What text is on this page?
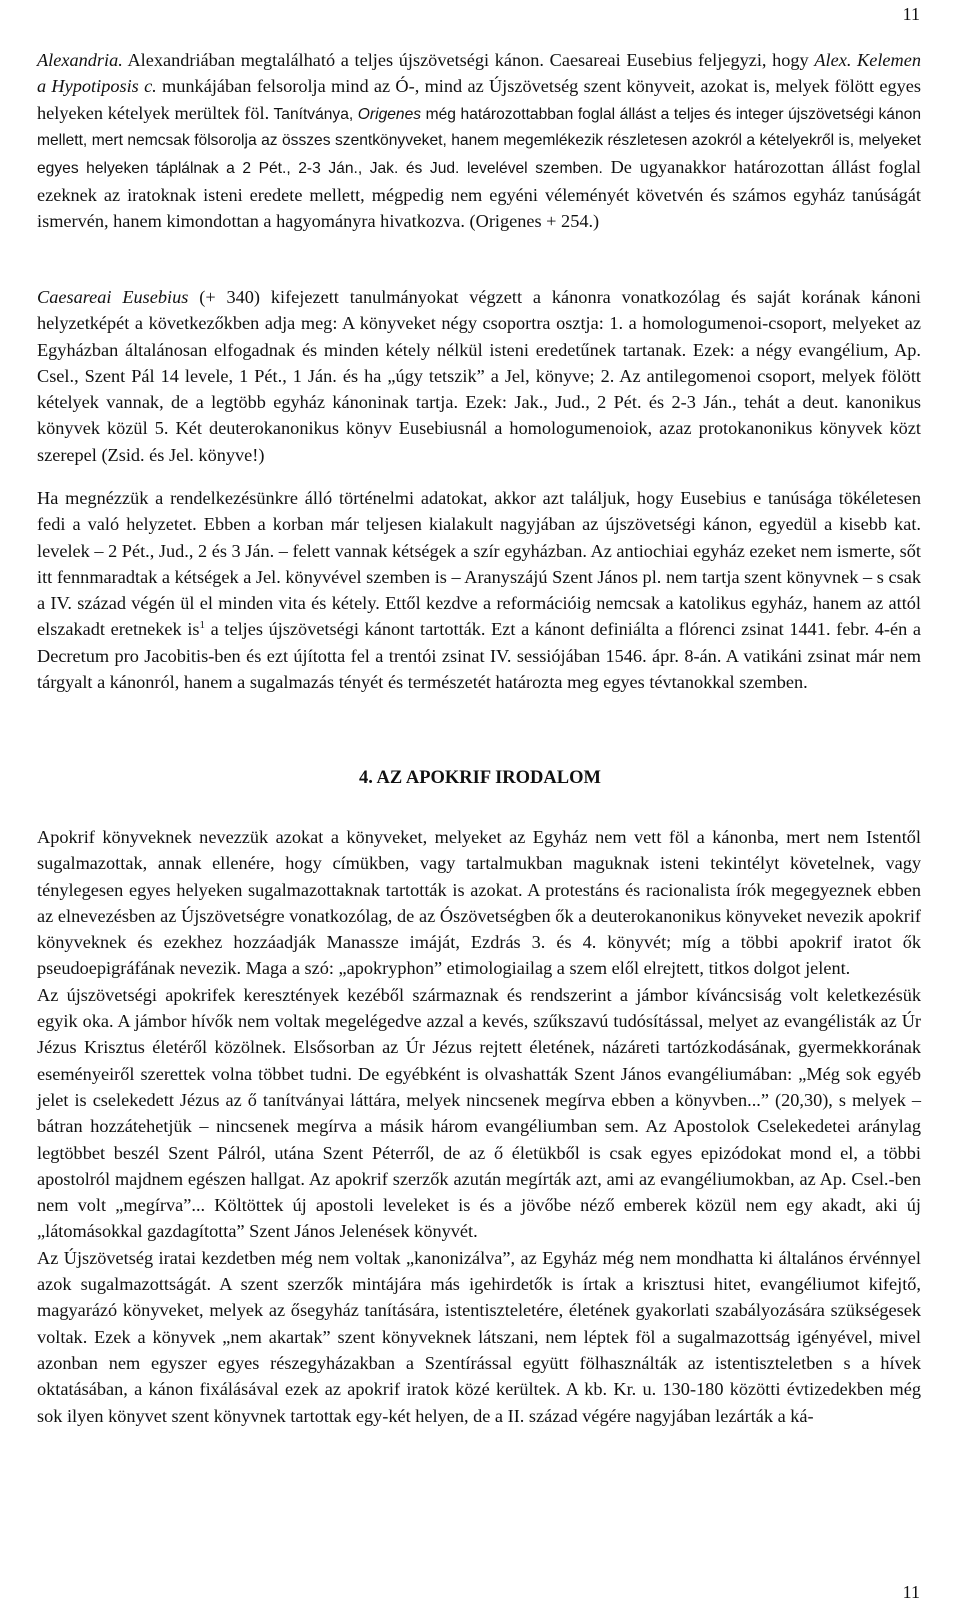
11

Alexandria. Alexandriában megtalálható a teljes újszövetségi kánon. Caesareai Eusebius feljegyzi, hogy Alex. Kelemen a Hypotiposis c. munkájában felsorolja mind az Ó-, mind az Újszövetség szent könyveit, azokat is, melyek fölött egyes helyeken kételyek merültek föl. Tanítványa, Origenes még határozottabban foglal állást a teljes és integer újszövetségi kánon mellett, mert nemcsak fölsorolja az összes szentkönyveket, hanem megemlékezik részletesen azokról a kételyekről is, melyeket egyes helyeken táplálnak a 2 Pét., 2-3 Ján., Jak. és Jud. levelével szemben. De ugyanakkor határozottan állást foglal ezeknek az iratoknak isteni eredete mellett, mégpedig nem egyéni véleményét követvén és számos egyház tanúságát ismervén, hanem kimondottan a hagyományra hivatkozva. (Origenes + 254.)

Caesareai Eusebius (+ 340) kifejezett tanulmányokat végzett a kánonra vonatkozólag és saját korának kánoni helyzetképét a következőkben adja meg: A könyveket négy csoportra osztja: 1. a homologumenoi-csoport, melyeket az Egyházban általánosan elfogadnak és minden kétely nélkül isteni eredetűnek tartanak. Ezek: a négy evangélium, Ap. Csel., Szent Pál 14 levele, 1 Pét., 1 Ján. és ha „úgy tetszik” a Jel, könyve; 2. Az antilegomenoi csoport, melyek fölött kételyek vannak, de a legtöbb egyház kánoninak tartja. Ezek: Jak., Jud., 2 Pét. és 2-3 Ján., tehát a deut. kanonikus könyvek közül 5. Két deuterokanonikus könyv Eusebiusnál a homologumenoiok, azaz protokanonikus könyvek közt szerepel (Zsid. és Jel. könyve!)

Ha megnézzük a rendelkezésünkre álló történelmi adatokat, akkor azt találjuk, hogy Eusebius e tanúsága tökéletesen fedi a való helyzetet. Ebben a korban már teljesen kialakult nagyjában az újszövetségi kánon, egyedül a kisebb kat. levelek – 2 Pét., Jud., 2 és 3 Ján. – felett vannak kétségek a szír egyházban. Az antiochiai egyház ezeket nem ismerte, sőt itt fennmaradtak a kétségek a Jel. könyvével szemben is – Aranyszájú Szent János pl. nem tartja szent könyvnek – s csak a IV. század végén ül el minden vita és kétely. Ettől kezdve a reformációig nemcsak a katolikus egyház, hanem az attól elszakadt eretnekek $is^1$ a teljes újszövetségi kánont tartották. Ezt a kánont definiálta a flórenci zsinat 1441. febr. 4-én a Decretum pro Jacobitis-ben és ezt újította fel a trentói zsinat IV. sessiójában 1546. ápr. 8-án. A vatikáni zsinat már nem tárgyalt a kánonról, hanem a sugalmazás tényét és természetét határozta meg egyes tévtanokkal szemben.

4. AZ APOKRIF IRODALOM

Apokrif könyveknek nevezzük azokat a könyveket, melyeket az Egyház nem vett föl a kánonba, mert nem Istentől sugalmazottak, annak ellenére, hogy címükben, vagy tartalmukban maguknak isteni tekintélyt követelnek, vagy ténylegesen egyes helyeken sugalmazottaknak tartották is azokat. A protestáns és racionalista írók megegyeznek ebben az elnevezésben az Újszövetségre vonatkozólag, de az Ószövetségben ők a deuterokanonikus könyveket nevezik apokrif könyveknek és ezekhez hozzáadják Manassze imáját, Ezdrás 3. és 4. könyvét; míg a többi apokrif iratot ők pseudoepigráfának nevezik. Maga a szó: „apokryphon” etimologiailag a szem elől elrejtett, titkos dolgot jelent.

Az újszövetségi apokrifek keresztények kezéből származnak és rendszerint a jámbor kíváncsiság volt keletkezésük egyik oka. A jámbor hívők nem voltak megelégedve azzal a kevés, szűkszavú tudósítással, melyet az evangélisták az Úr Jézus Krisztus életéről közölnek. Elsősorban az Úr Jézus rejtett életének, názáreti tartózkodásának, gyermekkorának eseményeiről szerettek volna többet tudni. De egyébként is olvashatták Szent János evangéliumában: „Még sok egyéb jelet is cselekedett Jézus az ő tanítványai láttára, melyek nincsenek megírva ebben a könyvben...” (20,30), s melyek – bátran hozzátehetjük – nincsenek megírva a másik három evangéliumban sem. Az Apostolok Cselekedetei aránylag legtöbbet beszél Szent Pálról, utána Szent Péterről, de az ő életükből is csak egyes epizódokat mond el, a többi apostolról majdnem egészen hallgat. Az apokrif szerzők azután megírták azt, ami az evangéliumokban, az Ap. Csel.-ben nem volt „megírva”... Költöttek új apostoli leveleket is és a jövőbe néző emberek közül nem egy akadt, aki új „látomásokkal gazdagította” Szent János Jelenések könyvét.

Az Újszövetség iratai kezdetben még nem voltak „kanonizálva”, az Egyház még nem mondhatta ki általános érvénnyel azok sugalmazottságát. A szent szerzők mintájára más igehirdetők is írtak a krisztusi hitet, evangéliumot kifejtő, magyarázó könyveket, melyek az ősegyház tanítására, istentiszteletére, életének gyakorlati szabályozására szükségesek voltak. Ezek a könyvek „nem akartak” szent könyveknek látszani, nem léptek föl a sugalmazottság igényével, mivel azonban nem egyszer egyes részegyházakban a Szentírással együtt fölhasználták az istentiszteletben s a hívek oktatásában, a kánon fixálásával ezek az apokrif iratok közé kerültek. A kb. Kr. u. 130-180 közötti évtizedekben még sok ilyen könyvet szent könyvnek tartottak egy-két helyen, de a II. század végére nagyjában lezárták a ká-

11
